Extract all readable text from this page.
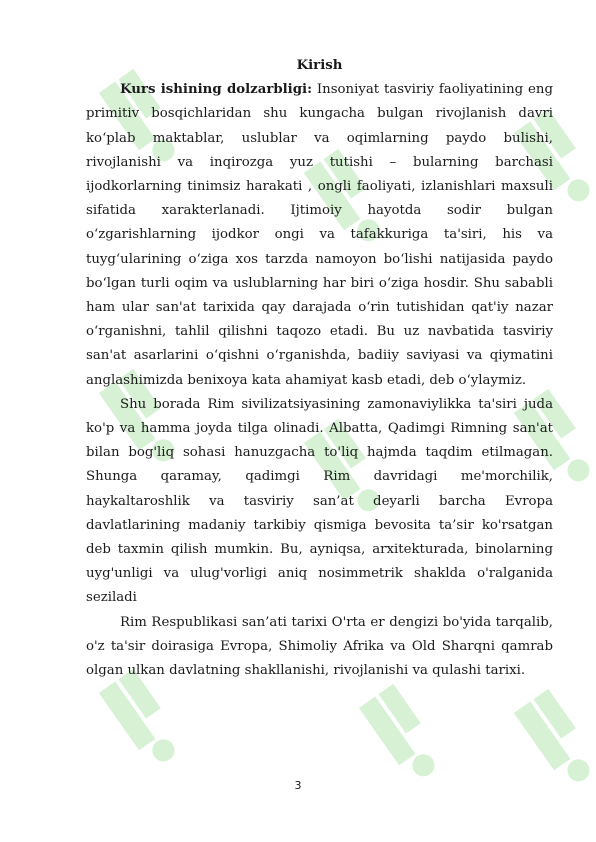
Kirish

Kurs ishining dolzarbligi: Insoniyat tasviriy faoliyatining eng primitiv bosqichlaridan shu kungacha bulgan rivojlanish davri ko‘plab maktablar, uslublar va oqimlarning paydo bulishi, rivojlanishi va inqirozga yuz tutishi – bularning barchasi ijodkorlarning tinimsiz harakati , ongli faoliyati, izlanishlari maxsuli sifatida xarakterlanadi. Ijtimoiy hayotda sodir bulgan o‘zgarishlarning ijodkor ongi va tafakkuriga ta'siri, his va tuyg‘ularining o‘ziga xos tarzda namoyon bo‘lishi natijasida paydo bo‘lgan turli oqim va uslublarning har biri o‘ziga hosdir. Shu sababli ham ular san'at tarixida qay darajada o‘rin tutishidan qat'iy nazar o‘rganishni, tahlil qilishni taqozo etadi. Bu uz navbatida tasviriy san'at asarlarini o‘qishni o‘rganishda, badiiy saviyasi va qiymatini anglashimizda benixoya kata ahamiyat kasb etadi, deb o‘ylaymiz.

Shu borada Rim sivilizatsiyasining zamonaviylikka ta'siri juda ko'p va hamma joyda tilga olinadi. Albatta, Qadimgi Rimning san'at bilan bog'liq sohasi hanuzgacha to'liq hajmda taqdim etilmagan. Shunga qaramay, qadimgi Rim davridagi me'morchilik, haykaltaroshlik va tasviriy san’at deyarli barcha Evropa davlatlarining madaniy tarkibiy qismiga bevosita ta’sir ko'rsatgan deb taxmin qilish mumkin. Bu, ayniqsa, arxitekturada, binolarning uyg'unligi va ulug'vorligi aniq nosimmetrik shaklda o'ralganida seziladi

Rim Respublikasi san’ati tarixi O'rta er dengizi bo'yida tarqalib, o'z ta'sir doirasiga Evropa, Shimoliy Afrika va Old Sharqni qamrab olgan ulkan davlatning shakllanishi, rivojlanishi va qulashi tarixi.

3
